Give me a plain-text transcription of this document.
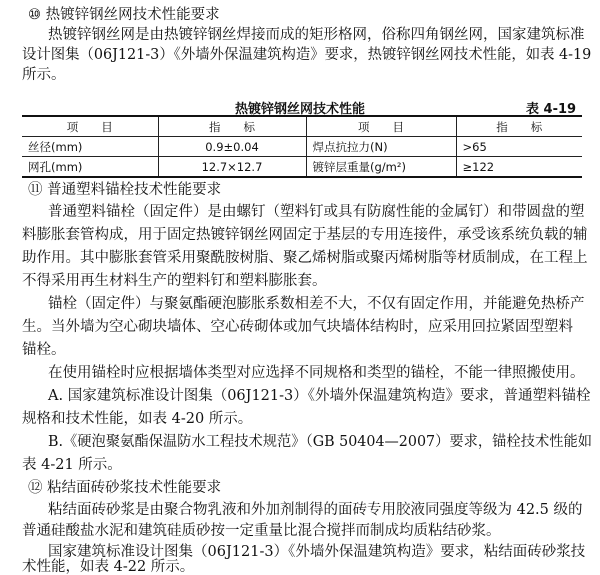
⑩ 热镀锌钢丝网技术性能要求
热镀锌钢丝网是由热镀锌钢丝焊接而成的矩形格网，俗称四角钢丝网，国家建筑标准
设计图集（06J121-3）《外墙外保温建筑构造》要求，热镀锌钢丝网技术性能，如表 4-19
所示。
热镀锌钢丝网技术性能	表 4-19
项　　目	指　　标	项　　目	指　　标
丝径(mm)	0.9±0.04	焊点抗拉力(N)	>65
网孔(mm)	12.7×12.7	镀锌层重量(g/m²)	≥122
⑪ 普通塑料锚栓技术性能要求
普通塑料锚栓（固定件）是由螺钉（塑料钉或具有防腐性能的金属钉）和带圆盘的塑
料膨胀套管构成，用于固定热镀锌钢丝网固定于基层的专用连接件，承受该系统负载的辅
助作用。其中膨胀套管采用聚酰胺树脂、聚乙烯树脂或聚丙烯树脂等材质制成，在工程上
不得采用再生材料生产的塑料钉和塑料膨胀套。
锚栓（固定件）与聚氨酯硬泡膨胀系数相差不大，不仅有固定作用，并能避免热桥产
生。当外墙为空心砌块墙体、空心砖砌体或加气块墙体结构时，应采用回拉紧固型塑料
锚栓。
在使用锚栓时应根据墙体类型对应选择不同规格和类型的锚栓，不能一律照搬使用。
A. 国家建筑标准设计图集（06J121-3）《外墙外保温建筑构造》要求，普通塑料锚栓
规格和技术性能，如表 4-20 所示。
B.《硬泡聚氨酯保温防水工程技术规范》（GB 50404—2007）要求，锚栓技术性能如
表 4-21 所示。
⑫ 粘结面砖砂浆技术性能要求
粘结面砖砂浆是由聚合物乳液和外加剂制得的面砖专用胶液同强度等级为 42.5 级的
普通硅酸盐水泥和建筑硅质砂按一定重量比混合搅拌而制成均质粘结砂浆。
国家建筑标准设计图集（06J121-3）《外墙外保温建筑构造》要求，粘结面砖砂浆技
术性能，如表 4-22 所示。
